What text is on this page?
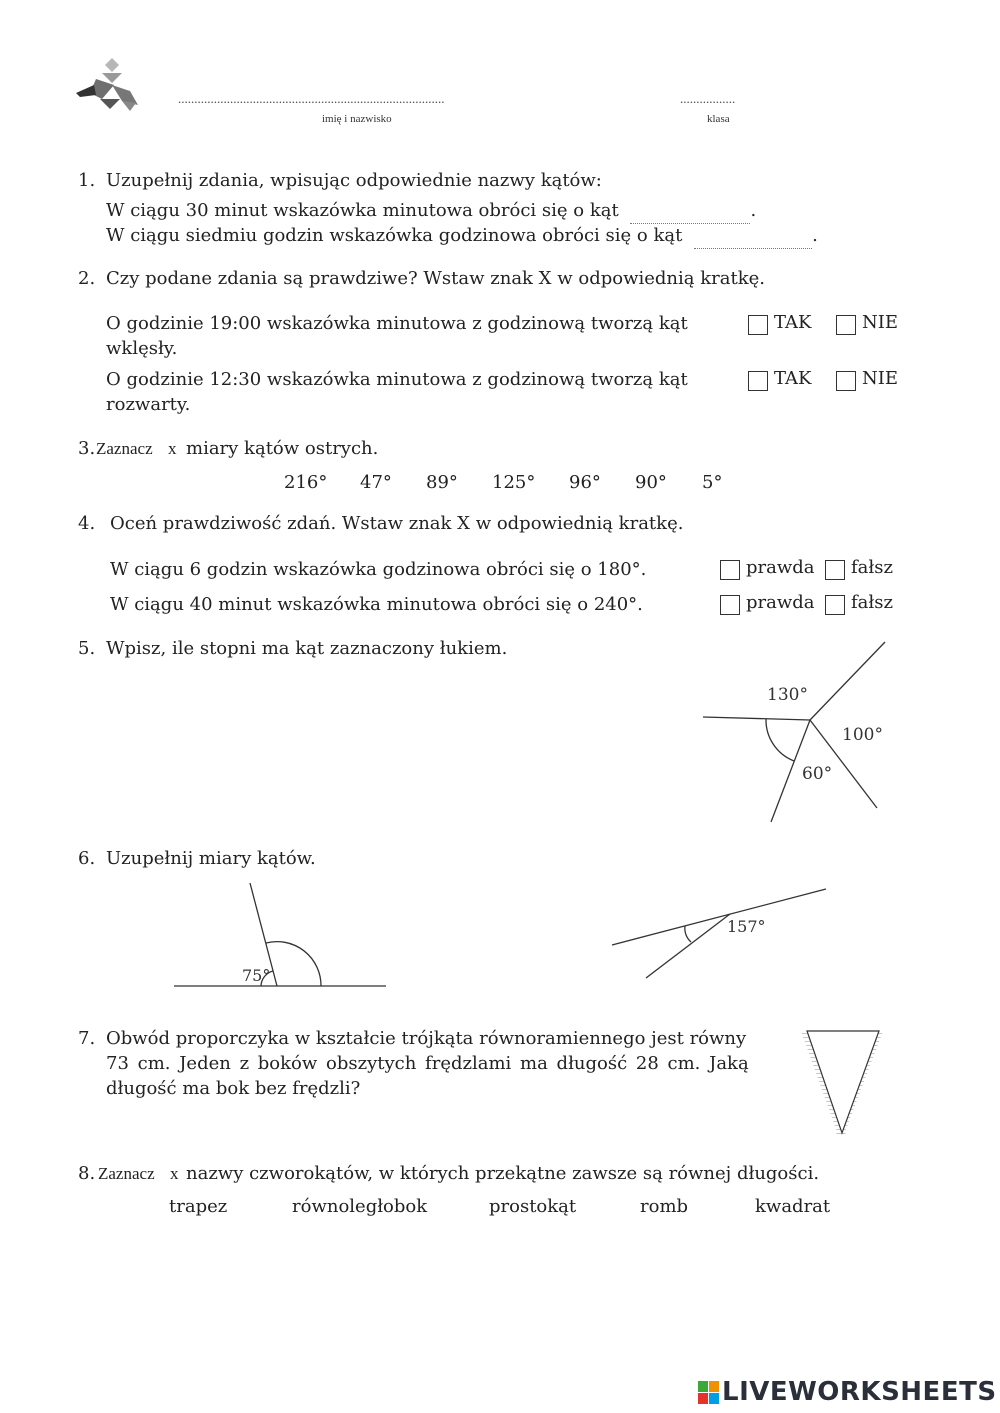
..................................................................................
imię i nazwisko
.................
klasa
1. Uzupełnij zdania, wpisując odpowiednie nazwy kątów:
W ciągu 30 minut wskazówka minutowa obróci się o kąt	.
W ciągu siedmiu godzin wskazówka godzinowa obróci się o kąt	.
2. Czy podane zdania są prawdziwe? Wstaw znak X w odpowiednią kratkę.
O godzinie 19:00 wskazówka minutowa z godzinową tworzą kąt
wklęsły.
TAK	NIE
O godzinie 12:30 wskazówka minutowa z godzinową tworzą kąt
rozwarty.
TAK	NIE
3. Zaznacz x miary kątów ostrych.
216° 47° 89° 125° 96° 90° 5°
4. Oceń prawdziwość zdań. Wstaw znak X w odpowiednią kratkę.
W ciągu 6 godzin wskazówka godzinowa obróci się o 180°.	prawda fałsz
W ciągu 40 minut wskazówka minutowa obróci się o 240°.	prawda fałsz
5. Wpisz, ile stopni ma kąt zaznaczony łukiem.
130°
100°
60°
6. Uzupełnij miary kątów.
75°
157°
7. Obwód proporczyka w kształcie trójkąta równoramiennego jest równy
73 cm. Jeden z boków obszytych frędzlami ma długość 28 cm. Jaką
długość ma bok bez frędzli?
8. Zaznacz x nazwy czworokątów, w których przekątne zawsze są równej długości.
trapez	równoległobok	prostokąt	romb	kwadrat
LIVEWORKSHEETS
